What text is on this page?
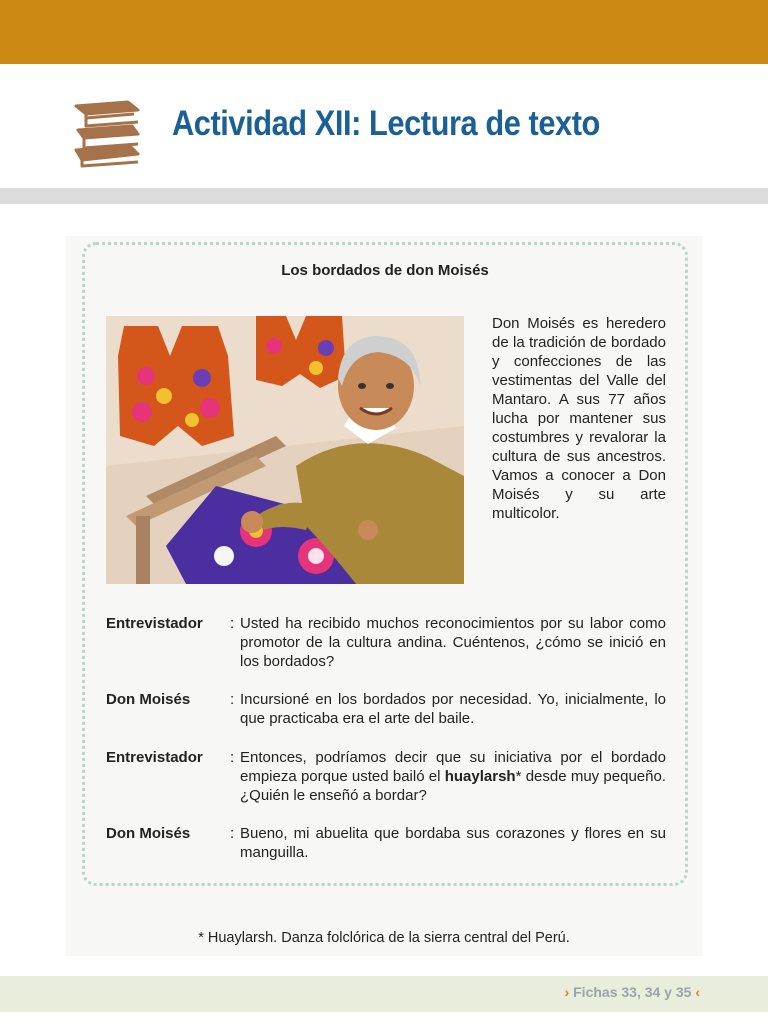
Actividad XII: Lectura de texto
Los bordados de don Moisés

Don Moisés es heredero de la tradición de bordado y confecciones de las vestimentas del Valle del Mantaro. A sus 77 años lucha por mantener sus costumbres y revalorar la cultura de sus ancestros. Vamos a conocer a Don Moisés y su arte multicolor.

Entrevistador : Usted ha recibido muchos reconocimientos por su labor como promotor de la cultura andina. Cuéntenos, ¿cómo se inició en los bordados?

Don Moisés	: Incursioné en los bordados por necesidad. Yo, inicialmente, lo que practicaba era el arte del baile.

Entrevistador : Entonces, podríamos decir que su iniciativa por el bordado empieza porque usted bailó el huaylarsh* desde muy pequeño. ¿Quién le enseñó a bordar?

Don Moisés	: Bueno, mi abuelita que bordaba sus corazones y flores en su manguilla.

* Huaylarsh. Danza folclórica de la sierra central del Perú.
› Fichas 33, 34 y 35 ‹
